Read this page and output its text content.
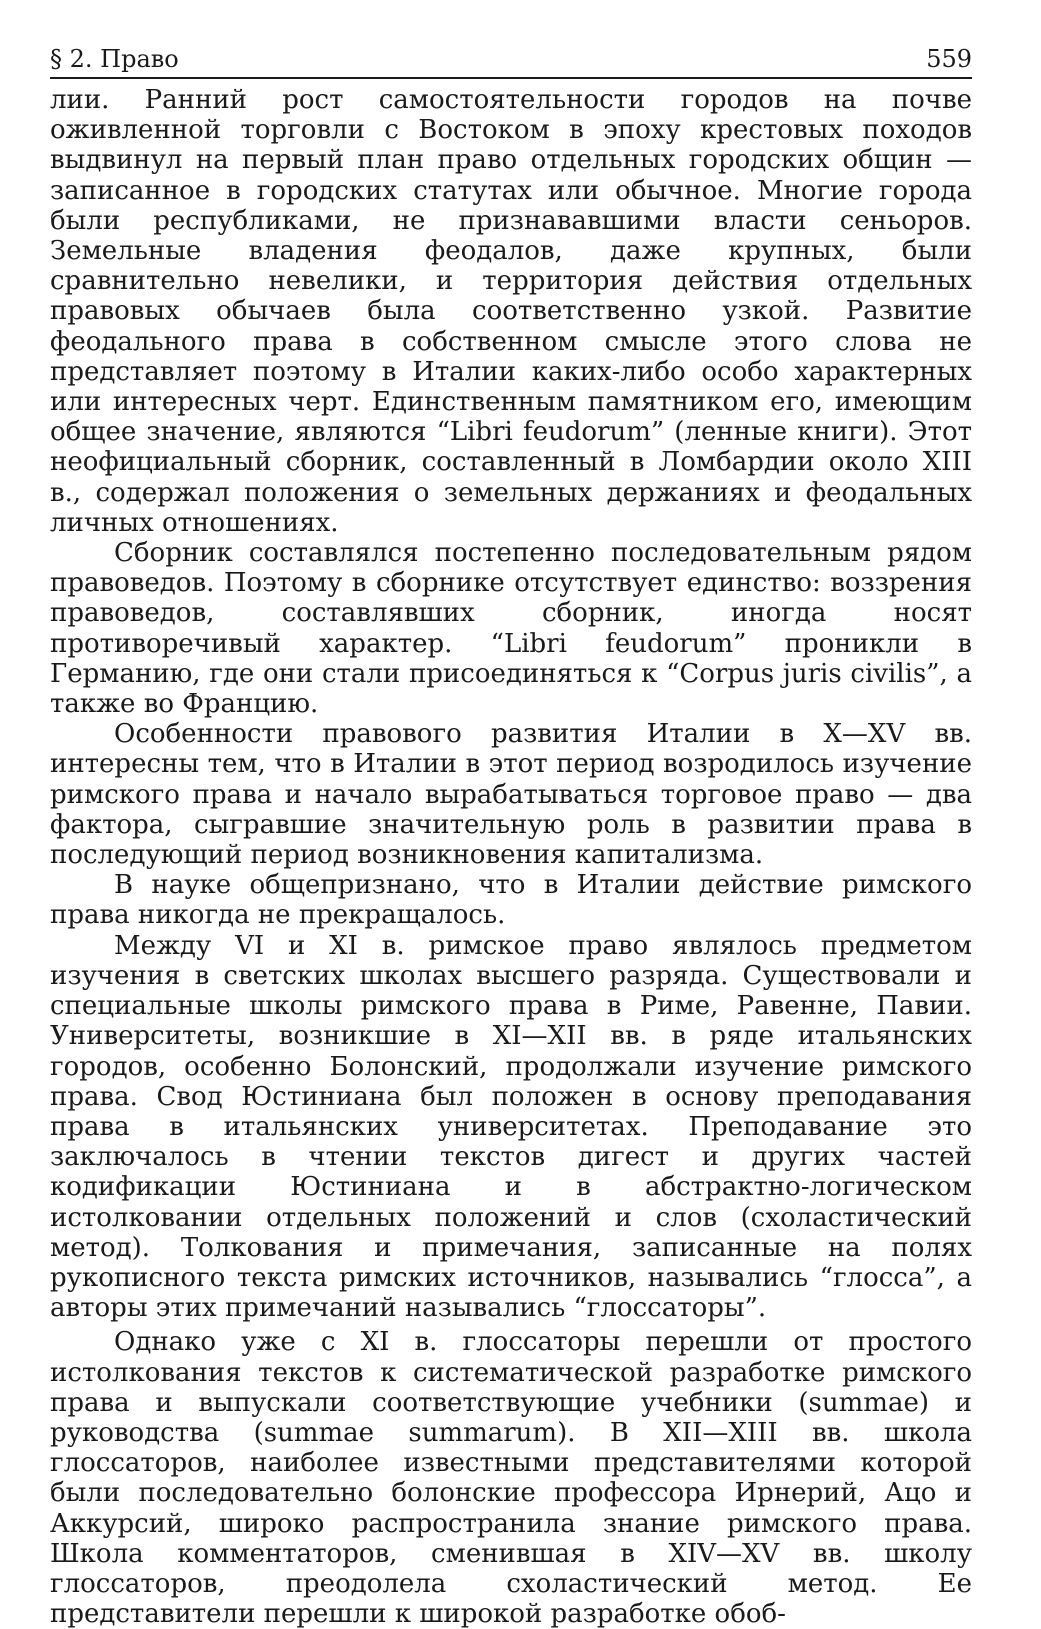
§ 2. Право	559

лии. Ранний рост самостоятельности городов на почве оживленной торговли с Востоком в эпоху крестовых походов выдвинул на первый план право отдельных городских общин — записанное в городских статутах или обычное. Многие города были республиками, не признававшими власти сеньоров. Земельные владения феодалов, даже крупных, были сравнительно невелики, и территория действия отдельных правовых обычаев была соответственно узкой. Развитие феодального права в собственном смысле этого слова не представляет поэтому в Италии каких-либо особо характерных или интересных черт. Единственным памятником его, имеющим общее значение, являются “Libri feudorum” (ленные книги). Этот неофициальный сборник, составленный в Ломбардии около XIII в., содержал положения о земельных держаниях и феодальных личных отношениях.

Сборник составлялся постепенно последовательным рядом правоведов. Поэтому в сборнике отсутствует единство: воззрения правоведов, составлявших сборник, иногда носят противоречивый характер. “Libri feudorum” проникли в Германию, где они стали присоединяться к “Corpus juris civilis”, а также во Францию.

Особенности правового развития Италии в X—XV вв. интересны тем, что в Италии в этот период возродилось изучение римского права и начало вырабатываться торговое право — два фактора, сыгравшие значительную роль в развитии права в последующий период возникновения капитализма.

В науке общепризнано, что в Италии действие римского права никогда не прекращалось.

Между VI и XI в. римское право являлось предметом изучения в светских школах высшего разряда. Существовали и специальные школы римского права в Риме, Равенне, Павии. Университеты, возникшие в XI—XII вв. в ряде итальянских городов, особенно Болонский, продолжали изучение римского права. Свод Юстиниана был положен в основу преподавания права в итальянских университетах. Преподавание это заключалось в чтении текстов дигест и других частей кодификации Юстиниана и в абстрактно-логическом истолковании отдельных положений и слов (схоластический метод). Толкования и примечания, записанные на полях рукописного текста римских источников, назывались “глосса”, а авторы этих примечаний назывались “глоссаторы”.

Однако уже с XI в. глоссаторы перешли от простого истолкования текстов к систематической разработке римского права и выпускали соответствующие учебники (summae) и руководства (summae summarum). В XII—XIII вв. школа глоссаторов, наиболее известными представителями которой были последовательно болонские профессора Ирнерий, Ацо и Аккурсий, широко распространила знание римского права. Школа комментаторов, сменившая в XIV—XV вв. школу глоссаторов, преодолела схоластический метод. Ее представители перешли к широкой разработке обоб-
